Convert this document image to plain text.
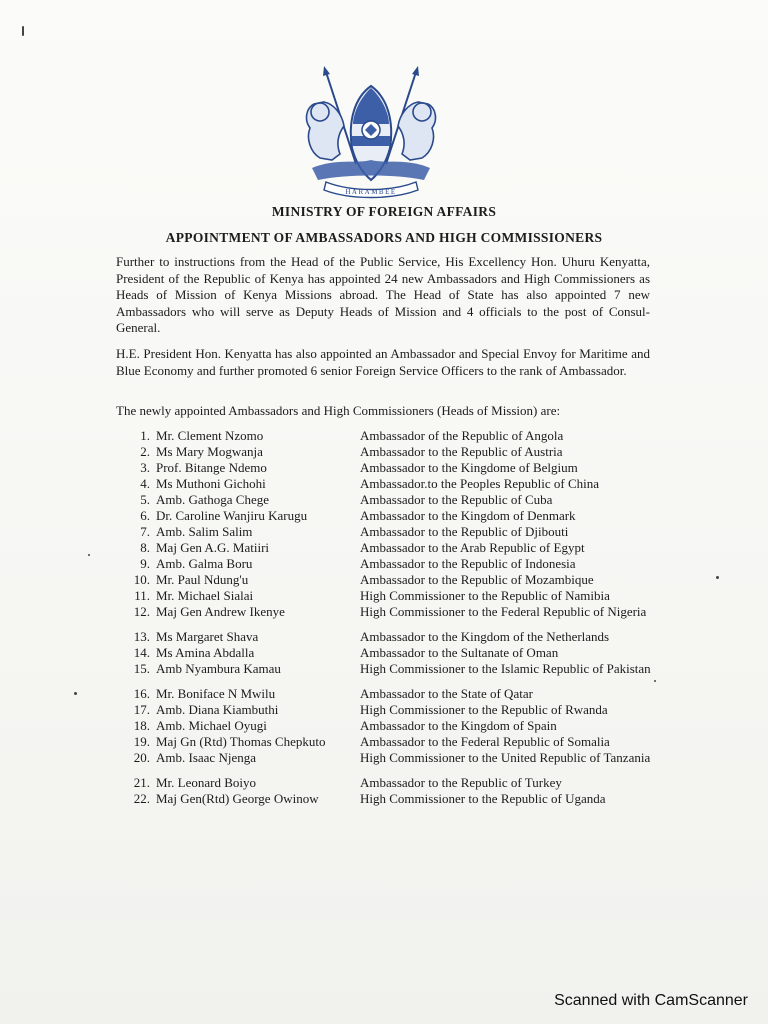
HARAMBEE
MINISTRY OF FOREIGN AFFAIRS
APPOINTMENT OF AMBASSADORS AND HIGH COMMISSIONERS
Further to instructions from the Head of the Public Service, His Excellency Hon. Uhuru Kenyatta, President of the Republic of Kenya has appointed 24 new Ambassadors and High Commissioners as Heads of Mission of Kenya Missions abroad. The Head of State has also appointed 7 new Ambassadors who will serve as Deputy Heads of Mission and 4 officials to the post of Consul-General.
H.E. President Hon. Kenyatta has also appointed an Ambassador and Special Envoy for Maritime and Blue Economy and further promoted 6 senior Foreign Service Officers to the rank of Ambassador.
The newly appointed Ambassadors and High Commissioners (Heads of Mission) are:
1. Mr. Clement Nzomo	Ambassador of the Republic of Angola
2. Ms Mary Mogwanja	Ambassador to the Republic of Austria
3. Prof. Bitange Ndemo	Ambassador to the Kingdome of Belgium
4. Ms Muthoni Gichohi	Ambassador.to the Peoples Republic of China
5. Amb. Gathoga Chege	Ambassador to the Republic of Cuba
6. Dr. Caroline Wanjiru Karugu	Ambassador to the Kingdom of Denmark
7. Amb. Salim Salim	Ambassador to the Republic of Djibouti
8. Maj Gen A.G. Matiiri	Ambassador to the Arab Republic of Egypt
9. Amb. Galma Boru	Ambassador to the Republic of Indonesia
10. Mr. Paul Ndung'u	Ambassador to the Republic of Mozambique
11. Mr. Michael Sialai	High Commissioner to the Republic of Namibia
12. Maj Gen Andrew Ikenye	High Commissioner to the Federal Republic of Nigeria
13. Ms Margaret Shava	Ambassador to the Kingdom of the Netherlands
14. Ms Amina Abdalla	Ambassador to the Sultanate of Oman
15. Amb Nyambura Kamau	High Commissioner to the Islamic Republic of Pakistan
16. Mr. Boniface N Mwilu	Ambassador to the State of Qatar
17. Amb. Diana Kiambuthi	High Commissioner to the Republic of Rwanda
18. Amb. Michael Oyugi	Ambassador to the Kingdom of Spain
19. Maj Gn (Rtd) Thomas Chepkuto	Ambassador to the Federal Republic of Somalia
20. Amb. Isaac Njenga	High Commissioner to the United Republic of Tanzania
21. Mr. Leonard Boiyo	Ambassador to the Republic of Turkey
22. Maj Gen(Rtd) George Owinow	High Commissioner to the Republic of Uganda
Scanned with CamScanner
